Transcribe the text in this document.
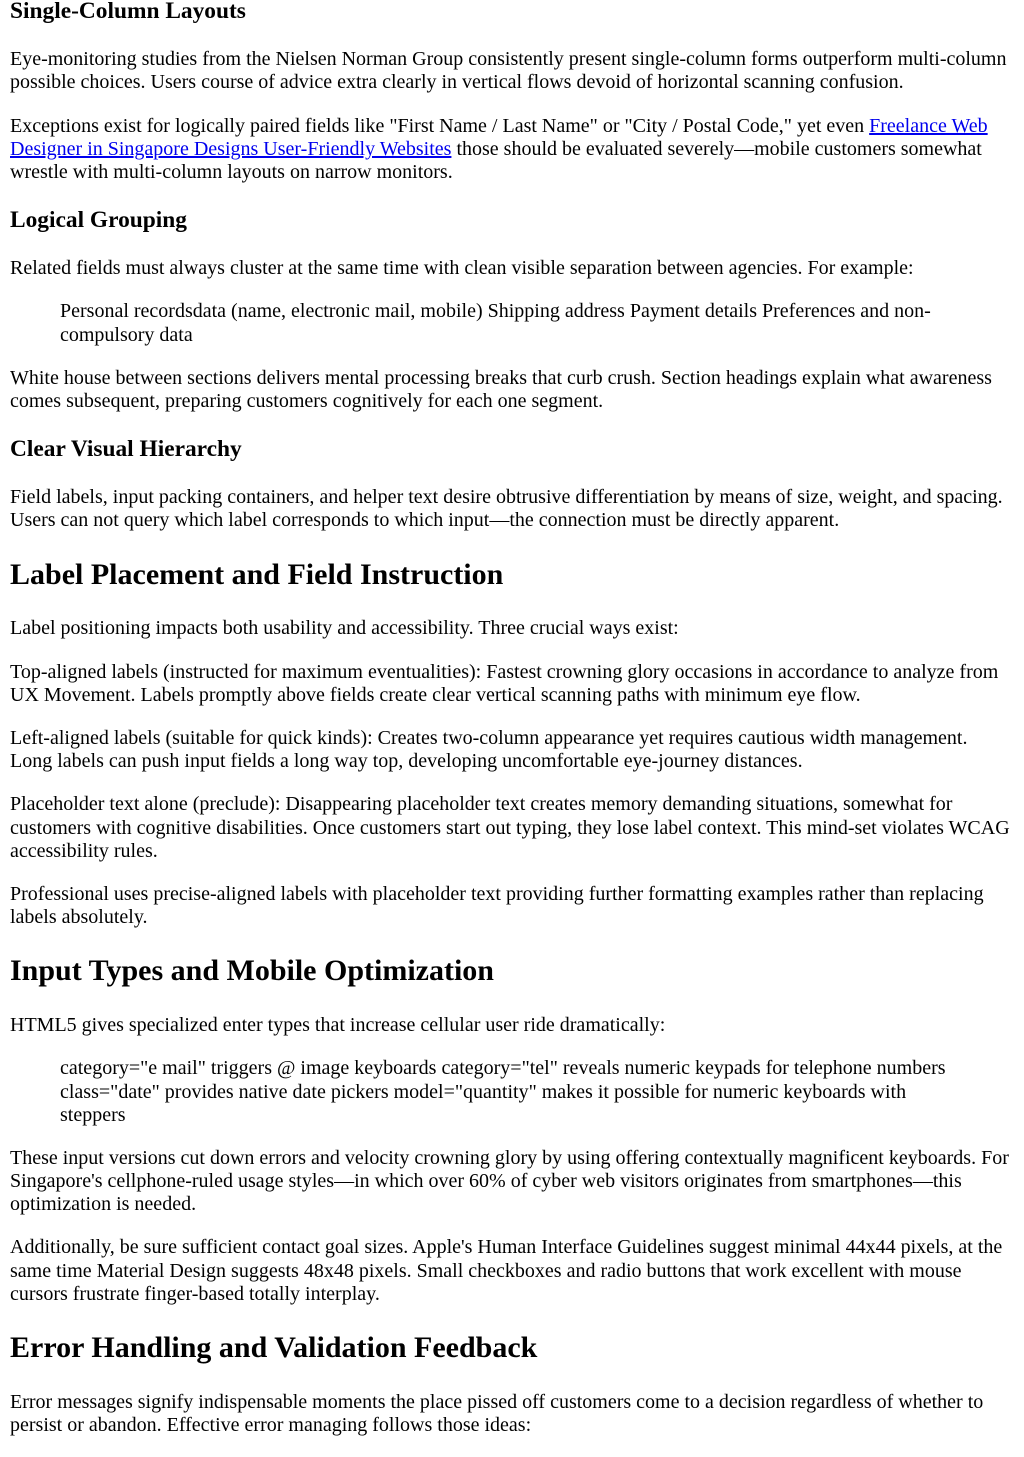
Single-Column Layouts

Eye-monitoring studies from the Nielsen Norman Group consistently present single-column forms outperform multi-column possible choices. Users course of advice extra clearly in vertical flows devoid of horizontal scanning confusion.

Exceptions exist for logically paired fields like "First Name / Last Name" or "City / Postal Code," yet even Freelance Web Designer in Singapore Designs User-Friendly Websites those should be evaluated severely—mobile customers somewhat wrestle with multi-column layouts on narrow monitors.

Logical Grouping

Related fields must always cluster at the same time with clean visible separation between agencies. For example:

Personal recordsdata (name, electronic mail, mobile) Shipping address Payment details Preferences and non-compulsory data

White house between sections delivers mental processing breaks that curb crush. Section headings explain what awareness comes subsequent, preparing customers cognitively for each one segment.

Clear Visual Hierarchy

Field labels, input packing containers, and helper text desire obtrusive differentiation by means of size, weight, and spacing. Users can not query which label corresponds to which input—the connection must be directly apparent.

Label Placement and Field Instruction

Label positioning impacts both usability and accessibility. Three crucial ways exist:

Top-aligned labels (instructed for maximum eventualities): Fastest crowning glory occasions in accordance to analyze from UX Movement. Labels promptly above fields create clear vertical scanning paths with minimum eye flow.

Left-aligned labels (suitable for quick kinds): Creates two-column appearance yet requires cautious width management. Long labels can push input fields a long way top, developing uncomfortable eye-journey distances.

Placeholder text alone (preclude): Disappearing placeholder text creates memory demanding situations, somewhat for customers with cognitive disabilities. Once customers start out typing, they lose label context. This mind-set violates WCAG accessibility rules.

Professional uses precise-aligned labels with placeholder text providing further formatting examples rather than replacing labels absolutely.

Input Types and Mobile Optimization

HTML5 gives specialized enter types that increase cellular user ride dramatically:

category="e mail" triggers @ image keyboards category="tel" reveals numeric keypads for telephone numbers class="date" provides native date pickers model="quantity" makes it possible for numeric keyboards with steppers

These input versions cut down errors and velocity crowning glory by using offering contextually magnificent keyboards. For Singapore's cellphone-ruled usage styles—in which over 60% of cyber web visitors originates from smartphones—this optimization is needed.

Additionally, be sure sufficient contact goal sizes. Apple's Human Interface Guidelines suggest minimal 44x44 pixels, at the same time Material Design suggests 48x48 pixels. Small checkboxes and radio buttons that work excellent with mouse cursors frustrate finger-based totally interplay.

Error Handling and Validation Feedback

Error messages signify indispensable moments the place pissed off customers come to a decision regardless of whether to persist or abandon. Effective error managing follows those ideas:
